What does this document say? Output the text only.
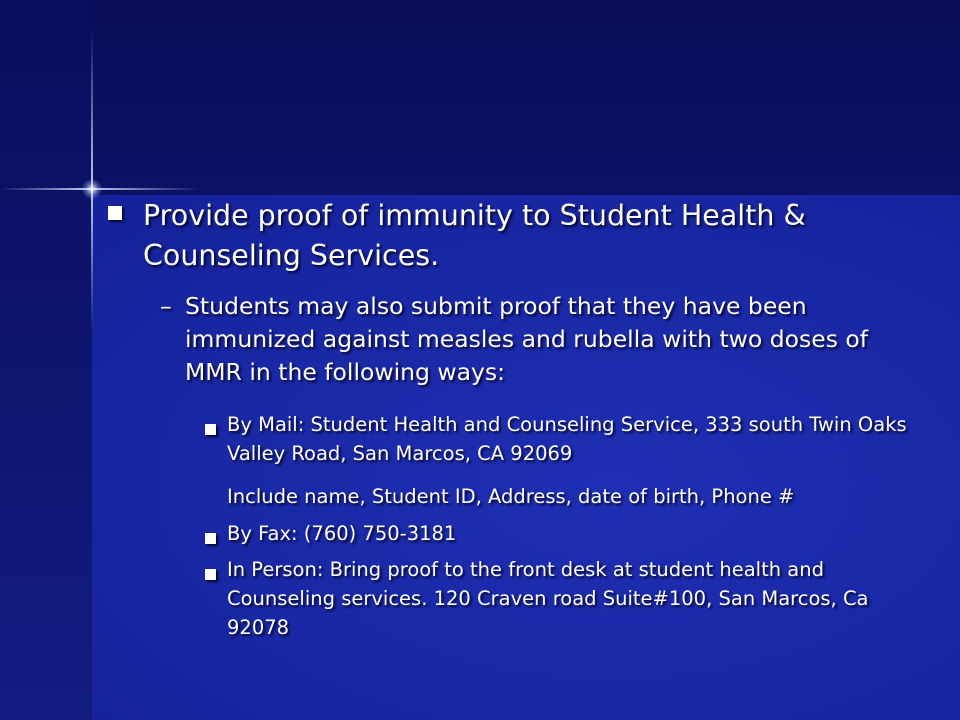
Provide proof of immunity to Student Health & Counseling Services.
– Students may also submit proof that they have been immunized against measles and rubella with two doses of MMR in the following ways:
By Mail: Student Health and Counseling Service, 333 south Twin Oaks Valley Road, San Marcos, CA 92069
Include name, Student ID, Address, date of birth, Phone #
By Fax: (760) 750-3181
In Person: Bring proof to the front desk at student health and Counseling services. 120 Craven road Suite#100, San Marcos, Ca 92078
